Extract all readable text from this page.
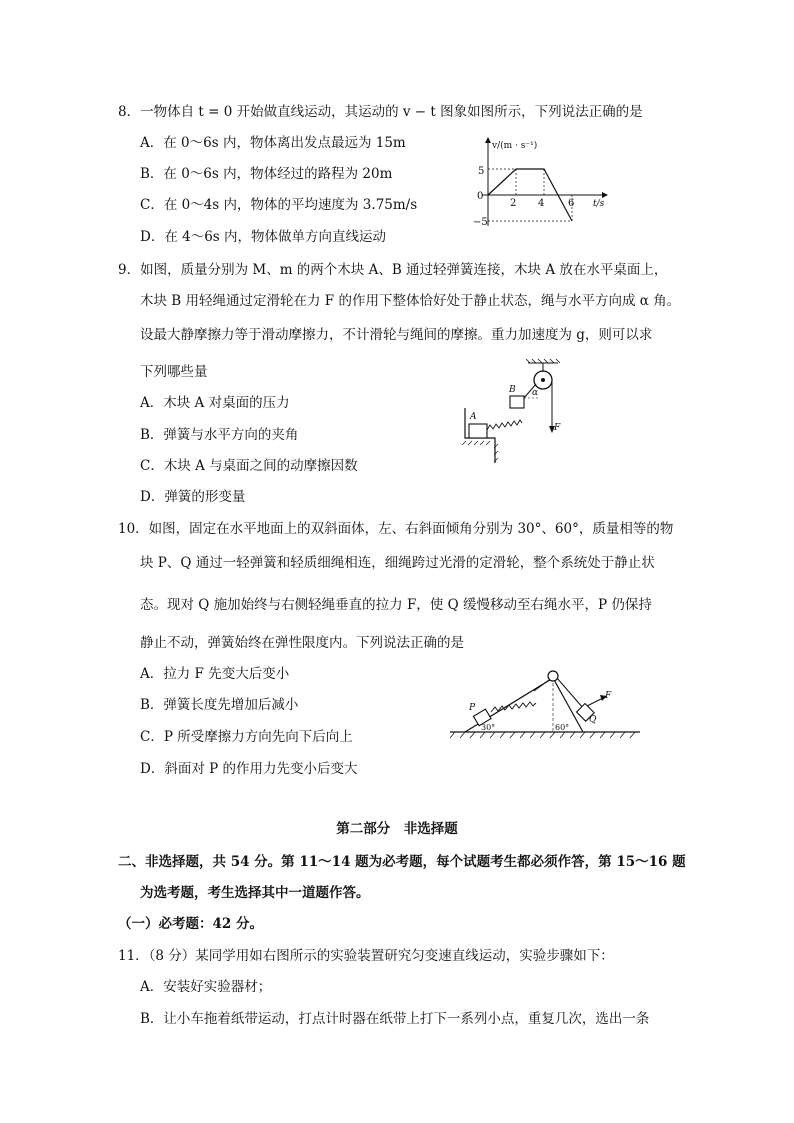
8．一物体自 t = 0 开始做直线运动，其运动的 v − t 图象如图所示，下列说法正确的是
A．在 0～6s 内，物体离出发点最远为 15m
B．在 0～6s 内，物体经过的路程为 20m
C．在 0～4s 内，物体的平均速度为 3.75m/s
D．在 4～6s 内，物体做单方向直线运动
v/(m · s⁻¹)
t/s
0
5
−5
2 4 6
9．如图，质量分别为 M、m 的两个木块 A、B 通过轻弹簧连接，木块 A 放在水平桌面上，
木块 B 用轻绳通过定滑轮在力 F 的作用下整体恰好处于静止状态，绳与水平方向成 α 角。
设最大静摩擦力等于滑动摩擦力，不计滑轮与绳间的摩擦。重力加速度为 g，则可以求
下列哪些量
A．木块 A 对桌面的压力
B．弹簧与水平方向的夹角
C．木块 A 与桌面之间的动摩擦因数
D．弹簧的形变量
A
B α
F
10．如图，固定在水平地面上的双斜面体，左、右斜面倾角分别为 30°、60°，质量相等的物
块 P、Q 通过一轻弹簧和轻质细绳相连，细绳跨过光滑的定滑轮，整个系统处于静止状
态。现对 Q 施加始终与右侧轻绳垂直的拉力 F，使 Q 缓慢移动至右绳水平，P 仍保持
静止不动，弹簧始终在弹性限度内。下列说法正确的是
A．拉力 F 先变大后变小
B．弹簧长度先增加后减小
C．P 所受摩擦力方向先向下后向上
D．斜面对 P 的作用力先变小后变大
P
Q
F
30°	60°
第二部分　非选择题
二、非选择题，共 54 分。第 11～14 题为必考题，每个试题考生都必须作答，第 15～16 题
为选考题，考生选择其中一道题作答。
（一）必考题：42 分。
11．（8 分）某同学用如右图所示的实验装置研究匀变速直线运动，实验步骤如下：
A．安装好实验器材；
B．让小车拖着纸带运动，打点计时器在纸带上打下一系列小点，重复几次，选出一条
